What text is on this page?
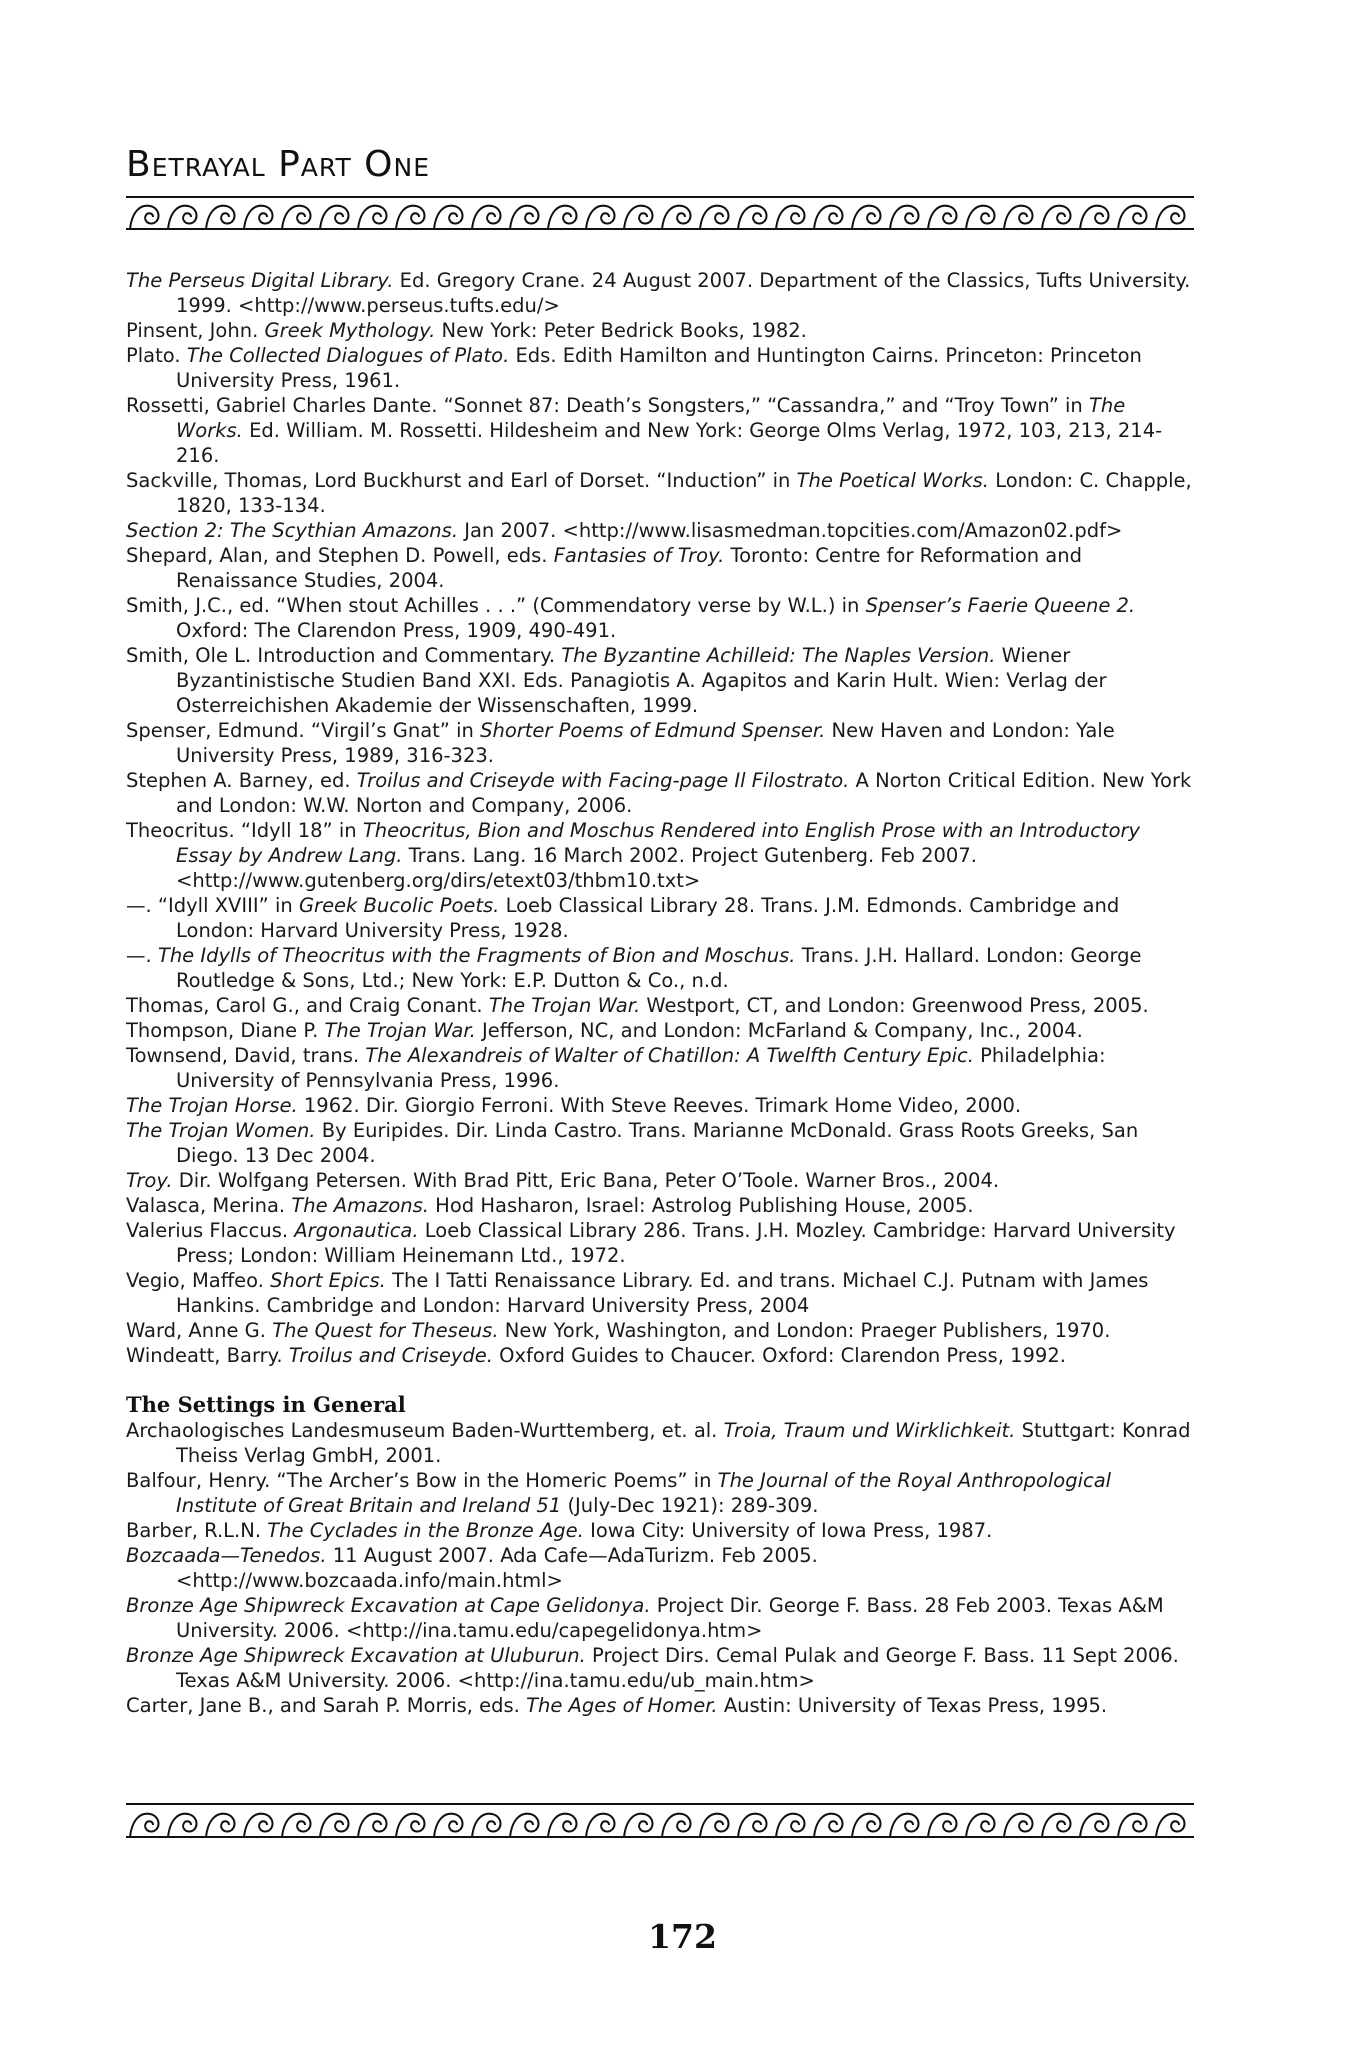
Betrayal Part One

The Perseus Digital Library. Ed. Gregory Crane. 24 August 2007. Department of the Classics, Tufts University. 1999. <http://www.perseus.tufts.edu/>

Pinsent, John. Greek Mythology. New York: Peter Bedrick Books, 1982.

Plato. The Collected Dialogues of Plato. Eds. Edith Hamilton and Huntington Cairns. Princeton: Princeton University Press, 1961.

Rossetti, Gabriel Charles Dante. “Sonnet 87: Death’s Songsters,” “Cassandra,” and “Troy Town” in The Works. Ed. William. M. Rossetti. Hildesheim and New York: George Olms Verlag, 1972, 103, 213, 214-216.

Sackville, Thomas, Lord Buckhurst and Earl of Dorset. “Induction” in The Poetical Works. London: C. Chapple, 1820, 133-134.

Section 2: The Scythian Amazons. Jan 2007. <http://www.lisasmedman.topcities.com/Amazon02.pdf>

Shepard, Alan, and Stephen D. Powell, eds. Fantasies of Troy. Toronto: Centre for Reformation and Renaissance Studies, 2004.

Smith, J.C., ed. “When stout Achilles . . .” (Commendatory verse by W.L.) in Spenser’s Faerie Queene 2. Oxford: The Clarendon Press, 1909, 490-491.

Smith, Ole L. Introduction and Commentary. The Byzantine Achilleid: The Naples Version. Wiener Byzantinistische Studien Band XXI. Eds. Panagiotis A. Agapitos and Karin Hult. Wien: Verlag der Osterreichishen Akademie der Wissenschaften, 1999.

Spenser, Edmund. “Virgil’s Gnat” in Shorter Poems of Edmund Spenser. New Haven and London: Yale University Press, 1989, 316-323.

Stephen A. Barney, ed. Troilus and Criseyde with Facing-page Il Filostrato. A Norton Critical Edition. New York and London: W.W. Norton and Company, 2006.

Theocritus. “Idyll 18” in Theocritus, Bion and Moschus Rendered into English Prose with an Introductory Essay by Andrew Lang. Trans. Lang. 16 March 2002. Project Gutenberg. Feb 2007. <http://www.gutenberg.org/dirs/etext03/thbm10.txt>

—. “Idyll XVIII” in Greek Bucolic Poets. Loeb Classical Library 28. Trans. J.M. Edmonds. Cambridge and London: Harvard University Press, 1928.

—. The Idylls of Theocritus with the Fragments of Bion and Moschus. Trans. J.H. Hallard. London: George Routledge & Sons, Ltd.; New York: E.P. Dutton & Co., n.d.

Thomas, Carol G., and Craig Conant. The Trojan War. Westport, CT, and London: Greenwood Press, 2005.

Thompson, Diane P. The Trojan War. Jefferson, NC, and London: McFarland & Company, Inc., 2004.

Townsend, David, trans. The Alexandreis of Walter of Chatillon: A Twelfth Century Epic. Philadelphia: University of Pennsylvania Press, 1996.

The Trojan Horse. 1962. Dir. Giorgio Ferroni. With Steve Reeves. Trimark Home Video, 2000.

The Trojan Women. By Euripides. Dir. Linda Castro. Trans. Marianne McDonald. Grass Roots Greeks, San Diego. 13 Dec 2004.

Troy. Dir. Wolfgang Petersen. With Brad Pitt, Eric Bana, Peter O’Toole. Warner Bros., 2004.

Valasca, Merina. The Amazons. Hod Hasharon, Israel: Astrolog Publishing House, 2005.

Valerius Flaccus. Argonautica. Loeb Classical Library 286. Trans. J.H. Mozley. Cambridge: Harvard University Press; London: William Heinemann Ltd., 1972.

Vegio, Maffeo. Short Epics. The I Tatti Renaissance Library. Ed. and trans. Michael C.J. Putnam with James Hankins. Cambridge and London: Harvard University Press, 2004

Ward, Anne G. The Quest for Theseus. New York, Washington, and London: Praeger Publishers, 1970.

Windeatt, Barry. Troilus and Criseyde. Oxford Guides to Chaucer. Oxford: Clarendon Press, 1992.

The Settings in General

Archaologisches Landesmuseum Baden-Wurttemberg, et. al. Troia, Traum und Wirklichkeit. Stuttgart: Konrad Theiss Verlag GmbH, 2001.

Balfour, Henry. “The Archer’s Bow in the Homeric Poems” in The Journal of the Royal Anthropological Institute of Great Britain and Ireland 51 (July-Dec 1921): 289-309.

Barber, R.L.N. The Cyclades in the Bronze Age. Iowa City: University of Iowa Press, 1987.

Bozcaada—Tenedos. 11 August 2007. Ada Cafe—AdaTurizm. Feb 2005. <http://www.bozcaada.info/main.html>

Bronze Age Shipwreck Excavation at Cape Gelidonya. Project Dir. George F. Bass. 28 Feb 2003. Texas A&M University. 2006. <http://ina.tamu.edu/capegelidonya.htm>

Bronze Age Shipwreck Excavation at Uluburun. Project Dirs. Cemal Pulak and George F. Bass. 11 Sept 2006. Texas A&M University. 2006. <http://ina.tamu.edu/ub_main.htm>

Carter, Jane B., and Sarah P. Morris, eds. The Ages of Homer. Austin: University of Texas Press, 1995.

172
